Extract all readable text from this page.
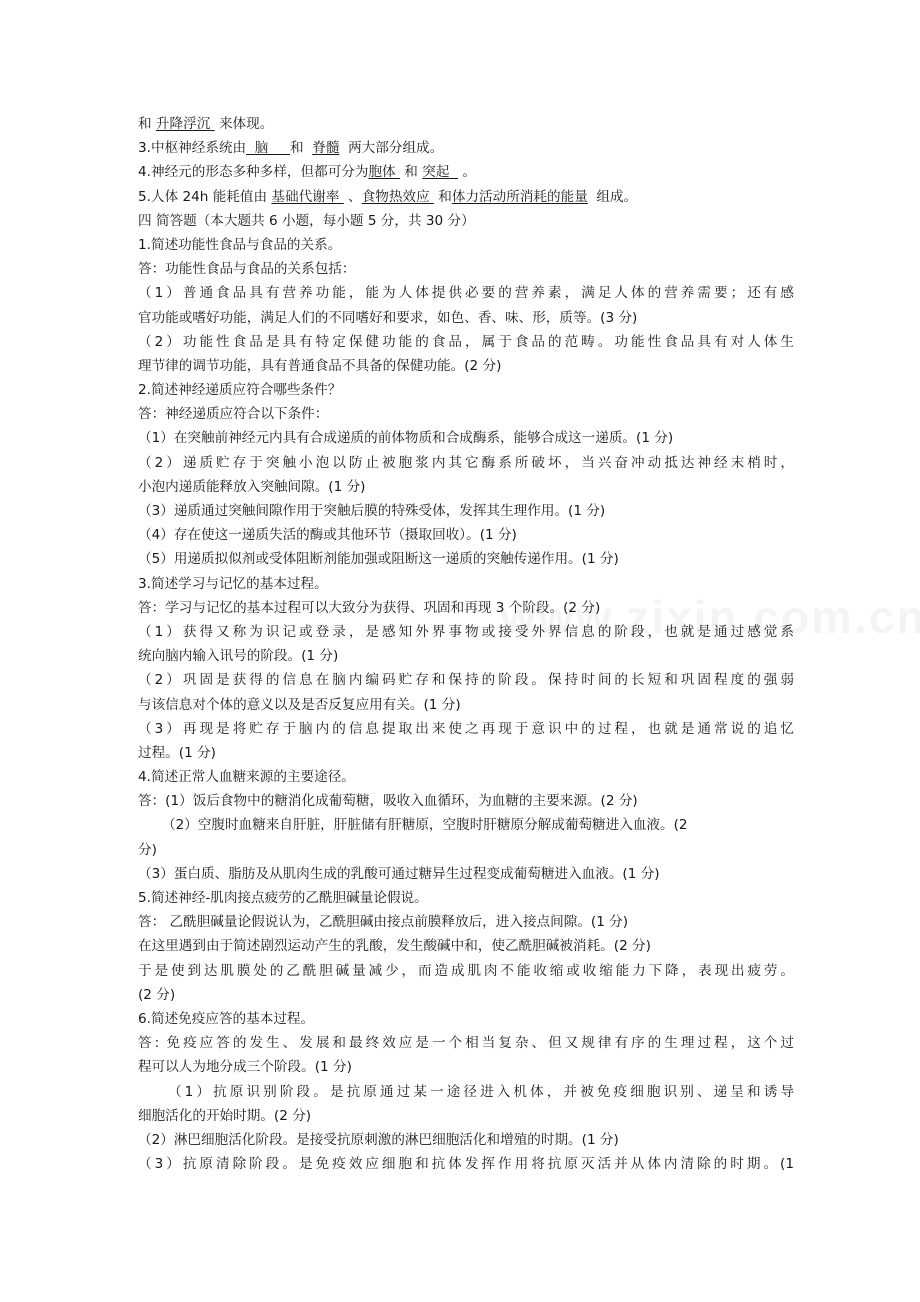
和 升降浮沉  来体现。
3.中枢神经系统由  脑     和  脊髓  两大部分组成。
4.神经元的形态多种多样，但都可分为胞体  和 突起   。
5.人体 24h 能耗值由 基础代谢率  、食物热效应  和体力活动所消耗的能量  组成。
四 简答题（本大题共 6 小题，每小题 5 分，共 30 分）
1.简述功能性食品与食品的关系。
答：功能性食品与食品的关系包括：
（1）普通食品具有营养功能，能为人体提供必要的营养素，满足人体的营养需要；还有感
官功能或嗜好功能，满足人们的不同嗜好和要求，如色、香、味、形，质等。(3 分)
（2）功能性食品是具有特定保健功能的食品，属于食品的范畴。功能性食品具有对人体生
理节律的调节功能，具有普通食品不具备的保健功能。(2 分)
2.简述神经递质应符合哪些条件？
答：神经递质应符合以下条件：
（1）在突触前神经元内具有合成递质的前体物质和合成酶系，能够合成这一递质。(1 分)
（2）递质贮存于突触小泡以防止被胞浆内其它酶系所破坏，当兴奋冲动抵达神经末梢时，
小泡内递质能释放入突触间隙。(1 分)
（3）递质通过突触间隙作用于突触后膜的特殊受体，发挥其生理作用。(1 分)
（4）存在使这一递质失活的酶或其他环节（摄取回收）。(1 分)
（5）用递质拟似剂或受体阻断剂能加强或阻断这一递质的突触传递作用。(1 分)
3.简述学习与记忆的基本过程。
答：学习与记忆的基本过程可以大致分为获得、巩固和再现 3 个阶段。(2 分)
（1）获得又称为识记或登录，是感知外界事物或接受外界信息的阶段，也就是通过感觉系
统向脑内输入讯号的阶段。(1 分)
（2）巩固是获得的信息在脑内编码贮存和保持的阶段。保持时间的长短和巩固程度的强弱
与该信息对个体的意义以及是否反复应用有关。(1 分)
（3）再现是将贮存于脑内的信息提取出来使之再现于意识中的过程，也就是通常说的追忆
过程。(1 分)
4.简述正常人血糖来源的主要途径。
答：(1）饭后食物中的糖消化成葡萄糖，吸收入血循环，为血糖的主要来源。(2 分)
（2）空腹时血糖来自肝脏，肝脏储有肝糖原，空腹时肝糖原分解成葡萄糖进入血液。(2
分)
（3）蛋白质、脂肪及从肌肉生成的乳酸可通过糖异生过程变成葡萄糖进入血液。(1 分)
5.简述神经-肌肉接点疲劳的乙酰胆碱量论假说。
答： 乙酰胆碱量论假说认为，乙酰胆碱由接点前膜释放后，进入接点间隙。(1 分)
在这里遇到由于简述剧烈运动产生的乳酸，发生酸碱中和，使乙酰胆碱被消耗。(2 分)
于是使到达肌膜处的乙酰胆碱量减少，而造成肌肉不能收缩或收缩能力下降，表现出疲劳。
(2 分)
6.简述免疫应答的基本过程。
答: 免疫应答的发生、发展和最终效应是一个相当复杂、但又规律有序的生理过程，这个过
程可以人为地分成三个阶段。(1 分)
（1）抗原识别阶段。是抗原通过某一途径进入机体，并被免疫细胞识别、递呈和诱导
细胞活化的开始时期。(2 分)
（2）淋巴细胞活化阶段。是接受抗原刺激的淋巴细胞活化和增殖的时期。(1 分)
（3）抗原清除阶段。是免疫效应细胞和抗体发挥作用将抗原灭活并从体内清除的时期。(1
